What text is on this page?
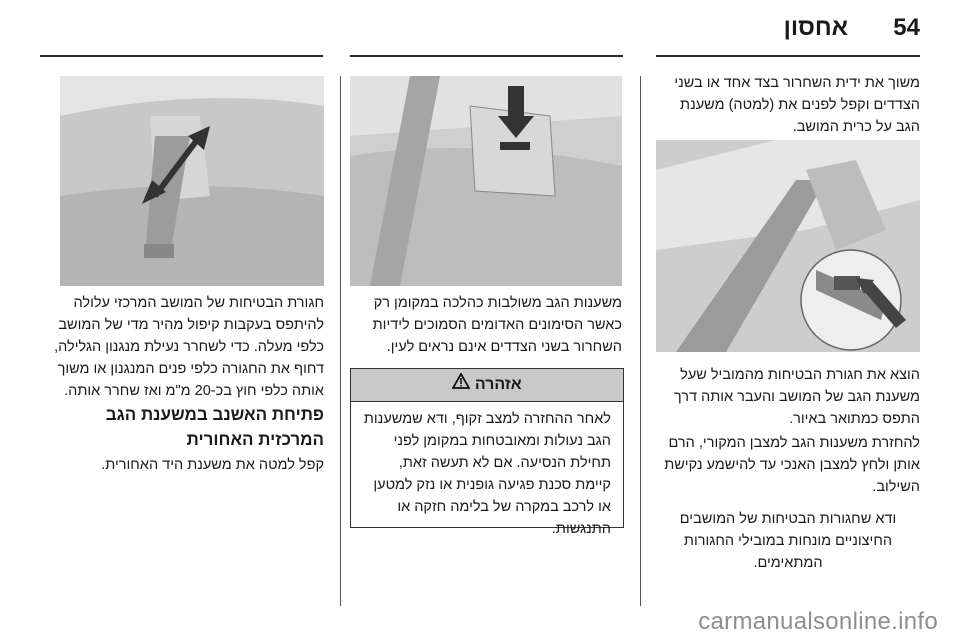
54
אחסון

משוך את ידית השחרור בצד אחד או בשני הצדדים וקפל לפנים את (למטה) משענת הגב על כרית המושב.

הוצא את חגורת הבטיחות מהמוביל שעל משענת הגב של המושב והעבר אותה דרך התפס כמתואר באיור.

להחזרת משענות הגב למצבן המקורי, הרם אותן ולחץ למצבן האנכי עד להישמע נקישת השילוב.

ודא שחגורות הבטיחות של המושבים החיצוניים מונחות במובילי החגורות המתאימים.

משענות הגב משולבות כהלכה במקומן רק כאשר הסימונים האדומים הסמוכים לידיות השחרור בשני הצדדים אינם נראים לעין.

אזהרה
לאחר ההחזרה למצב זקוף, ודא שמשענות הגב נעולות ומאובטחות במקומן לפני תחילת הנסיעה. אם לא תעשה זאת, קיימת סכנת פגיעה גופנית או נזק למטען או לרכב במקרה של בלימה חזקה או התנגשות.

חגורת הבטיחות של המושב המרכזי עלולה להיתפס בעקבות קיפול מהיר מדי של המושב כלפי מעלה. כדי לשחרר נעילת מנגנון הגלילה, דחוף את החגורה כלפי פנים המנגנון או משוך אותה כלפי חוץ בכ-20 מ"מ ואז שחרר אותה.

פתיחת האשנב במשענת הגב המרכזית האחורית

קפל למטה את משענת היד האחורית.

carmanualsonline.info
